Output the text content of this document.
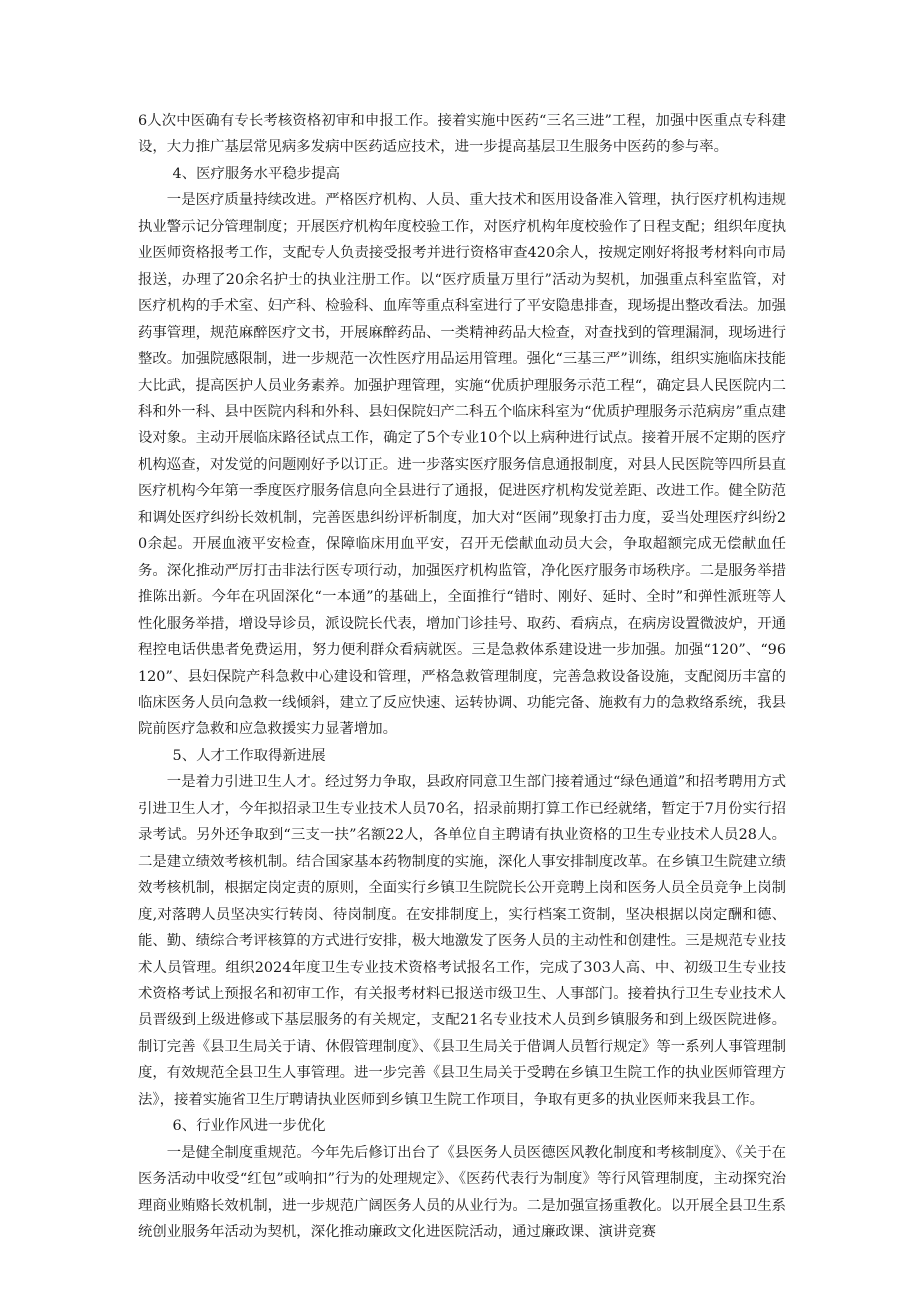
6人次中医确有专长考核资格初审和申报工作。接着实施中医药“三名三进”工程，加强中医重点专科建设，大力推广基层常见病多发病中医药适应技术，进一步提高基层卫生服务中医药的参与率。

4、医疗服务水平稳步提高

一是医疗质量持续改进。严格医疗机构、人员、重大技术和医用设备准入管理，执行医疗机构违规执业警示记分管理制度；开展医疗机构年度校验工作，对医疗机构年度校验作了日程支配；组织年度执业医师资格报考工作，支配专人负责接受报考并进行资格审查420余人，按规定刚好将报考材料向市局报送，办理了20余名护士的执业注册工作。以“医疗质量万里行”活动为契机，加强重点科室监管，对医疗机构的手术室、妇产科、检验科、血库等重点科室进行了平安隐患排查，现场提出整改看法。加强药事管理，规范麻醉医疗文书，开展麻醉药品、一类精神药品大检查，对查找到的管理漏洞，现场进行整改。加强院感限制，进一步规范一次性医疗用品运用管理。强化“三基三严”训练，组织实施临床技能大比武，提高医护人员业务素养。加强护理管理，实施“优质护理服务示范工程“，确定县人民医院内二科和外一科、县中医院内科和外科、县妇保院妇产二科五个临床科室为“优质护理服务示范病房”重点建设对象。主动开展临床路径试点工作，确定了5个专业10个以上病种进行试点。接着开展不定期的医疗机构巡查，对发觉的问题刚好予以订正。进一步落实医疗服务信息通报制度，对县人民医院等四所县直医疗机构今年第一季度医疗服务信息向全县进行了通报，促进医疗机构发觉差距、改进工作。健全防范和调处医疗纠纷长效机制，完善医患纠纷评析制度，加大对“医闹”现象打击力度，妥当处理医疗纠纷20余起。开展血液平安检查，保障临床用血平安，召开无偿献血动员大会，争取超额完成无偿献血任务。深化推动严厉打击非法行医专项行动，加强医疗机构监管，净化医疗服务市场秩序。二是服务举措推陈出新。今年在巩固深化“一本通”的基础上，全面推行“错时、刚好、延时、全时”和弹性派班等人性化服务举措，增设导诊员，派设院长代表，增加门诊挂号、取药、看病点，在病房设置微波炉，开通程控电话供患者免费运用，努力便利群众看病就医。三是急救体系建设进一步加强。加强“120”、“96120”、县妇保院产科急救中心建设和管理，严格急救管理制度，完善急救设备设施，支配阅历丰富的临床医务人员向急救一线倾斜，建立了反应快速、运转协调、功能完备、施救有力的急救络系统，我县院前医疗急救和应急救援实力显著增加。

5、人才工作取得新进展

一是着力引进卫生人才。经过努力争取，县政府同意卫生部门接着通过“绿色通道”和招考聘用方式引进卫生人才，今年拟招录卫生专业技术人员70名，招录前期打算工作已经就绪，暂定于7月份实行招录考试。另外还争取到“三支一扶”名额22人，各单位自主聘请有执业资格的卫生专业技术人员28人。二是建立绩效考核机制。结合国家基本药物制度的实施，深化人事安排制度改革。在乡镇卫生院建立绩效考核机制，根据定岗定责的原则，全面实行乡镇卫生院院长公开竞聘上岗和医务人员全员竞争上岗制度,对落聘人员坚决实行转岗、待岗制度。在安排制度上，实行档案工资制，坚决根据以岗定酬和德、能、勤、绩综合考评核算的方式进行安排，极大地激发了医务人员的主动性和创建性。三是规范专业技术人员管理。组织2024年度卫生专业技术资格考试报名工作，完成了303人高、中、初级卫生专业技术资格考试上预报名和初审工作，有关报考材料已报送市级卫生、人事部门。接着执行卫生专业技术人员晋级到上级进修或下基层服务的有关规定，支配21名专业技术人员到乡镇服务和到上级医院进修。制订完善《县卫生局关于请、休假管理制度》、《县卫生局关于借调人员暂行规定》等一系列人事管理制度，有效规范全县卫生人事管理。进一步完善《县卫生局关于受聘在乡镇卫生院工作的执业医师管理方法》，接着实施省卫生厅聘请执业医师到乡镇卫生院工作项目，争取有更多的执业医师来我县工作。

6、行业作风进一步优化

一是健全制度重规范。今年先后修订出台了《县医务人员医德医风教化制度和考核制度》、《关于在医务活动中收受“红包”或响扣”行为的处理规定》、《医药代表行为制度》等行风管理制度，主动探究治理商业贿赂长效机制，进一步规范广阔医务人员的从业行为。二是加强宣扬重教化。以开展全县卫生系统创业服务年活动为契机，深化推动廉政文化进医院活动，通过廉政课、演讲竞赛
